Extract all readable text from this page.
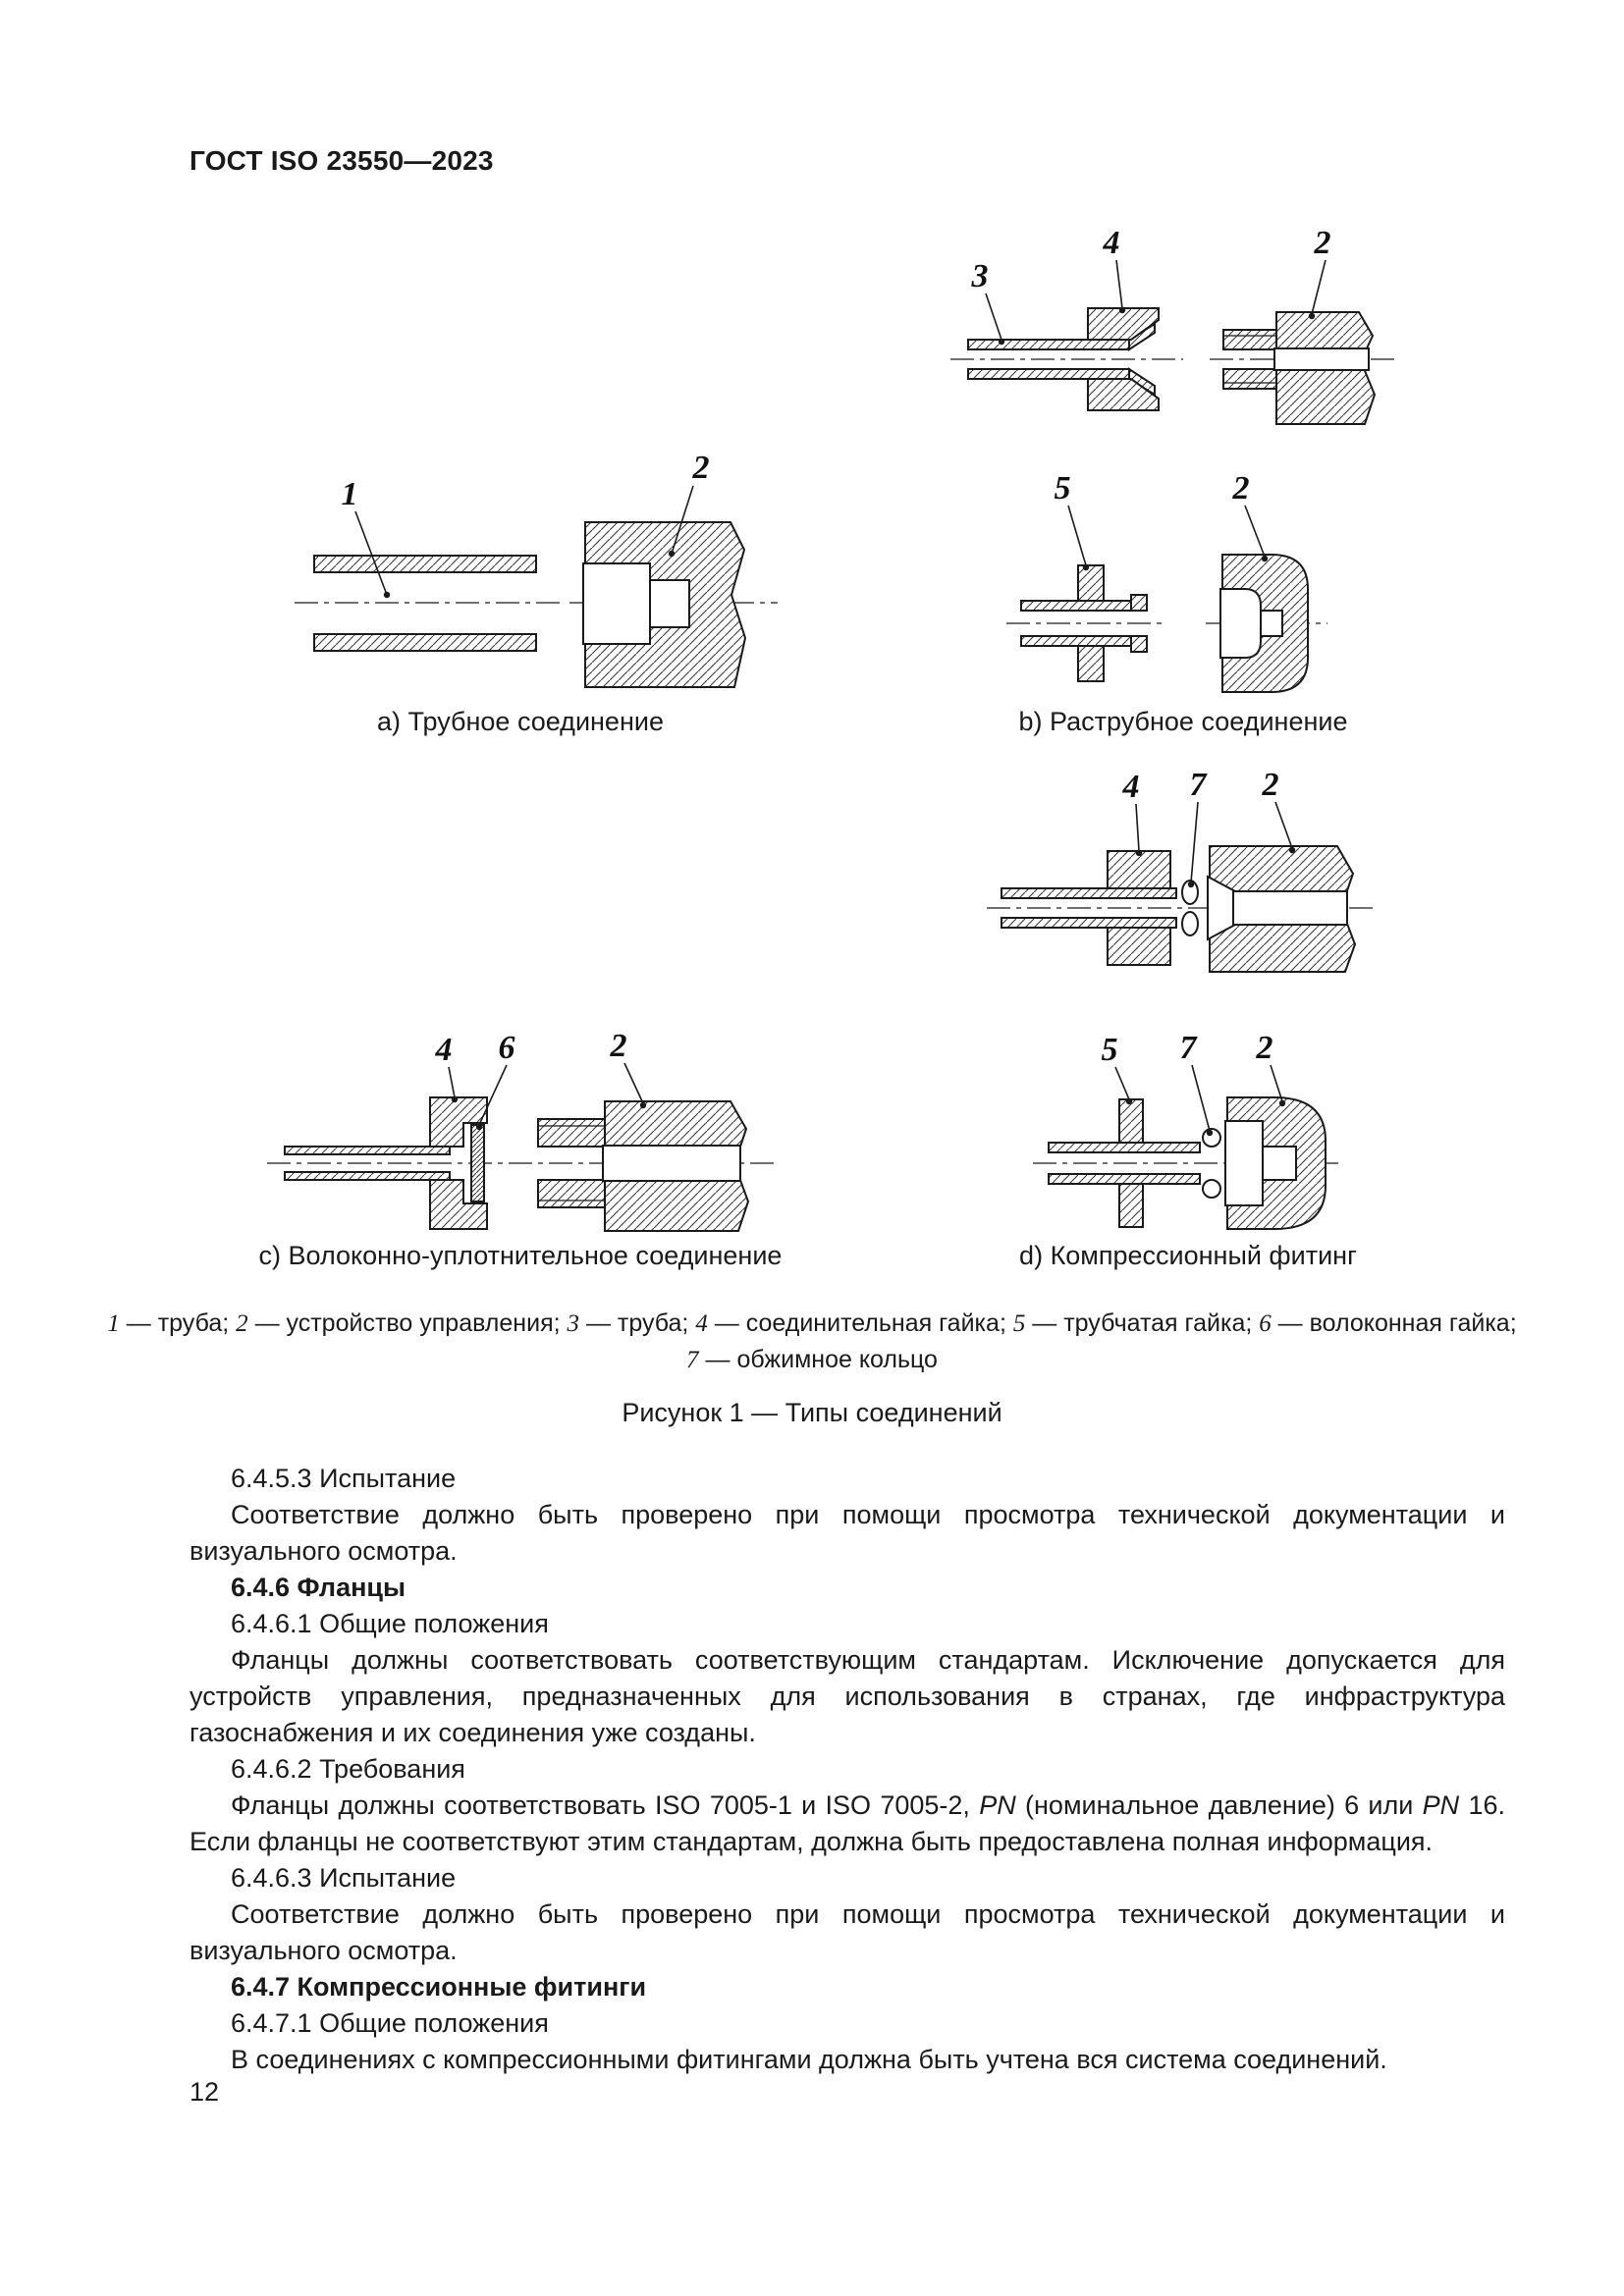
ГОСТ ISO 23550—2023
1
2
3
4	2
5	2
4 7 2
4 6	2	5 7 2
a) Трубное соединение	b) Раструбное соединение
c) Волоконно-уплотнительное соединение	d) Компрессионный фитинг
1 — труба; 2 — устройство управления; 3 — труба; 4 — соединительная гайка; 5 — трубчатая гайка; 6 — волоконная гайка;
7 — обжимное кольцо
Рисунок 1 — Типы соединений

6.4.5.3 Испытание

Соответствие должно быть проверено при помощи просмотра технической документации и визуального осмотра.

6.4.6 Фланцы

6.4.6.1 Общие положения

Фланцы должны соответствовать соответствующим стандартам. Исключение допускается для устройств управления, предназначенных для использования в странах, где инфраструктура газоснабжения и их соединения уже созданы.

6.4.6.2 Требования

Фланцы должны соответствовать ISO 7005-1 и ISO 7005-2, PN (номинальное давление) 6 или PN 16. Если фланцы не соответствуют этим стандартам, должна быть предоставлена полная информация.

6.4.6.3 Испытание

Соответствие должно быть проверено при помощи просмотра технической документации и визуального осмотра.

6.4.7 Компрессионные фитинги

6.4.7.1 Общие положения

В соединениях с компрессионными фитингами должна быть учтена вся система соединений.

12
